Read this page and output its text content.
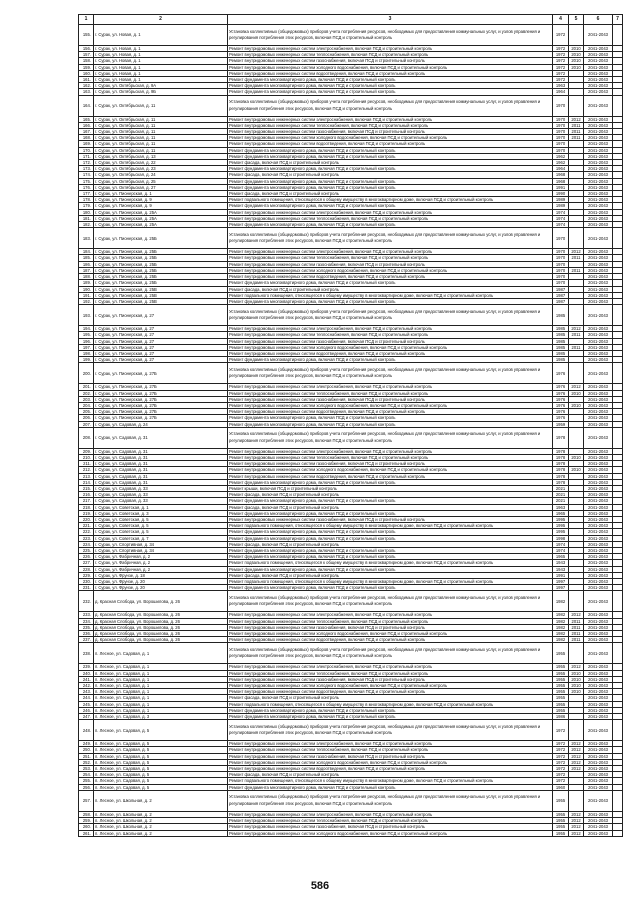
1	2	3	4	5	6	7
155.	г. Сурак, ул. Новая, д. 1	Установка коллективных (общедомовых) приборов учета потребления ресурсов, необходимых для предоставления коммунальных услуг, и узлов управления и регулирования потребления этих ресурсов, включая ПСД и строительный контроль	1972		2041-2043	
156.	г. Сурак, ул. Новая, д. 1	Ремонт внутридомовых инженерных систем электроснабжения, включая ПСД и строительный контроль	1972	2010	2041-2043	
157.	г. Сурак, ул. Новая, д. 1	Ремонт внутридомовых инженерных систем теплоснабжения, включая ПСД и строительный контроль	1972	2010	2041-2043	
158.	г. Сурак, ул. Новая, д. 1	Ремонт внутридомовых инженерных систем газоснабжения, включая ПСД и строительный контроль	1972	2010	2041-2043	
159.	г. Сурак, ул. Новая, д. 1	Ремонт внутридомовых инженерных систем холодного водоснабжения, включая ПСД и строительный контроль	1972	2010	2041-2043	
160.	г. Сурак, ул. Новая, д. 1	Ремонт внутридомовых инженерных систем водоотведения, включая ПСД и строительный контроль	1972		2041-2043	
161.	г. Сурак, ул. Новая, д. 1	Ремонт фундамента многоквартирного дома, включая ПСД и строительный контроль	1972		2041-2043	
162.	г. Сурак, ул. Октябрьская, д. 9А	Ремонт фундамента многоквартирного дома, включая ПСД и строительный контроль	1963		2041-2043	
163.	г. Сурак, ул. Октябрьская, д. 9Б	Ремонт фундамента многоквартирного дома, включая ПСД и строительный контроль	1964		2041-2043	
164.	г. Сурак, ул. Октябрьская, д. 11	Установка коллективных (общедомовых) приборов учета потребления ресурсов, необходимых для предоставления коммунальных услуг, и узлов управления и регулирования потребления этих ресурсов, включая ПСД и строительный контроль	1970		2041-2043	
165.	г. Сурак, ул. Октябрьская, д. 11	Ремонт внутридомовых инженерных систем электроснабжения, включая ПСД и строительный контроль	1970	2012	2041-2043	
166.	г. Сурак, ул. Октябрьская, д. 11	Ремонт внутридомовых инженерных систем теплоснабжения, включая ПСД и строительный контроль	1970	2011	2041-2043	
167.	г. Сурак, ул. Октябрьская, д. 11	Ремонт внутридомовых инженерных систем газоснабжения, включая ПСД и строительный контроль	1970	2011	2041-2043	
168.	г. Сурак, ул. Октябрьская, д. 11	Ремонт внутридомовых инженерных систем холодного водоснабжения, включая ПСД и строительный контроль	1970	2011	2041-2043	
169.	г. Сурак, ул. Октябрьская, д. 11	Ремонт внутридомовых инженерных систем водоотведения, включая ПСД и строительный контроль	1970		2041-2043	
170.	г. Сурак, ул. Октябрьская, д. 11	Ремонт фундамента многоквартирного дома, включая ПСД и строительный контроль	1970		2041-2043	
171.	г. Сурак, ул. Октябрьская, д. 13	Ремонт фундамента многоквартирного дома, включая ПСД и строительный контроль	1962		2041-2043	
172.	г. Сурак, ул. Октябрьская, д. 22	Ремонт фасада, включая ПСД и строительный контроль	1962		2041-2043	
173.	г. Сурак, ул. Октябрьская, д. 23	Ремонт фундамента многоквартирного дома, включая ПСД и строительный контроль	1964		2041-2043	
174.	г. Сурак, ул. Октябрьская, д. 24	Ремонт фасада, включая ПСД и строительный контроль	1968		2041-2043	
175.	г. Сурак, ул. Октябрьская, д. 25	Ремонт фундамента многоквартирного дома, включая ПСД и строительный контроль	1968		2041-2043	
176.	г. Сурак, ул. Октябрьская, д. 27	Ремонт фундамента многоквартирного дома, включая ПСД и строительный контроль	1991		2041-2043	
177.	г. Сурак, ул. Пионерская, д. 1	Ремонт фасада, включая ПСД и строительный контроль	1990		2041-2043	
178.	г. Сурак, ул. Пионерская, д. 9	Ремонт подвального помещения, относящегося к общему имуществу в многоквартирном доме, включая ПСД и строительный контроль	1989		2041-2043	
179.	г. Сурак, ул. Пионерская, д. 9	Ремонт фундамента многоквартирного дома, включая ПСД и строительный контроль	1989		2041-2043	
180.	г. Сурак, ул. Пионерская, д. 25А	Ремонт внутридомовых инженерных систем электроснабжения, включая ПСД и строительный контроль	1974		2041-2043	
181.	г. Сурак, ул. Пионерская, д. 25А	Ремонт внутридомовых инженерных систем теплоснабжения, включая ПСД и строительный контроль	1974		2041-2043	
182.	г. Сурак, ул. Пионерская, д. 25А	Ремонт фундамента многоквартирного дома, включая ПСД и строительный контроль	1974		2041-2043	
183.	г. Сурак, ул. Пионерская, д. 25Б	Установка коллективных (общедомовых) приборов учета потребления ресурсов, необходимых для предоставления коммунальных услуг, и узлов управления и регулирования потребления этих ресурсов, включая ПСД и строительный контроль	1970		2041-2043	
184.	г. Сурак, ул. Пионерская, д. 25Б	Ремонт внутридомовых инженерных систем электроснабжения, включая ПСД и строительный контроль	1970	2012	2041-2043	
185.	г. Сурак, ул. Пионерская, д. 25Б	Ремонт внутридомовых инженерных систем теплоснабжения, включая ПСД и строительный контроль	1970	2011	2041-2043	
186.	г. Сурак, ул. Пионерская, д. 25Б	Ремонт внутридомовых инженерных систем газоснабжения, включая ПСД и строительный контроль	1970		2041-2043	
187.	г. Сурак, ул. Пионерская, д. 25Б	Ремонт внутридомовых инженерных систем холодного водоснабжения, включая ПСД и строительный контроль	1970	2011	2041-2043	
188.	г. Сурак, ул. Пионерская, д. 25Б	Ремонт внутридомовых инженерных систем водоотведения, включая ПСД и строительный контроль	1970		2041-2043	
189.	г. Сурак, ул. Пионерская, д. 25Б	Ремонт фундамента многоквартирного дома, включая ПСД и строительный контроль	1970		2041-2043	
190.	г. Сурак, ул. Пионерская, д. 25В	Ремонт фасада, включая ПСД и строительный контроль	1987		2041-2043	
191.	г. Сурак, ул. Пионерская, д. 25В	Ремонт подвального помещения, относящегося к общему имуществу в многоквартирном доме, включая ПСД и строительный контроль	1987		2041-2043	
192.	г. Сурак, ул. Пионерская, д. 25В	Ремонт фундамента многоквартирного дома, включая ПСД и строительный контроль	1987		2041-2043	
193.	г. Сурак, ул. Пионерская, д. 27	Установка коллективных (общедомовых) приборов учета потребления ресурсов, необходимых для предоставления коммунальных услуг, и узлов управления и регулирования потребления этих ресурсов, включая ПСД и строительный контроль	1985		2041-2043	
194.	г. Сурак, ул. Пионерская, д. 27	Ремонт внутридомовых инженерных систем электроснабжения, включая ПСД и строительный контроль	1985	2012	2041-2043	
195.	г. Сурак, ул. Пионерская, д. 27	Ремонт внутридомовых инженерных систем теплоснабжения, включая ПСД и строительный контроль	1985	2011	2041-2043	
196.	г. Сурак, ул. Пионерская, д. 27	Ремонт внутридомовых инженерных систем газоснабжения, включая ПСД и строительный контроль	1985		2041-2043	
197.	г. Сурак, ул. Пионерская, д. 27	Ремонт внутридомовых инженерных систем холодного водоснабжения, включая ПСД и строительный контроль	1985	2011	2041-2043	
198.	г. Сурак, ул. Пионерская, д. 27	Ремонт внутридомовых инженерных систем водоотведения, включая ПСД и строительный контроль	1985		2041-2043	
199.	г. Сурак, ул. Пионерская, д. 27	Ремонт фундамента многоквартирного дома, включая ПСД и строительный контроль	1985		2041-2043	
200.	г. Сурак, ул. Пионерская, д. 27Б	Установка коллективных (общедомовых) приборов учета потребления ресурсов, необходимых для предоставления коммунальных услуг, и узлов управления и регулирования потребления этих ресурсов, включая ПСД и строительный контроль	1976		2041-2043	
201.	г. Сурак, ул. Пионерская, д. 27Б	Ремонт внутридомовых инженерных систем электроснабжения, включая ПСД и строительный контроль	1976	2012	2041-2043	
202.	г. Сурак, ул. Пионерская, д. 27Б	Ремонт внутридомовых инженерных систем теплоснабжения, включая ПСД и строительный контроль	1976	2010	2041-2043	
203.	г. Сурак, ул. Пионерская, д. 27Б	Ремонт внутридомовых инженерных систем газоснабжения, включая ПСД и строительный контроль	1976		2041-2043	
204.	г. Сурак, ул. Пионерская, д. 27Б	Ремонт внутридомовых инженерных систем холодного водоснабжения, включая ПСД и строительный контроль	1976	2010	2041-2043	
205.	г. Сурак, ул. Пионерская, д. 27Б	Ремонт внутридомовых инженерных систем водоотведения, включая ПСД и строительный контроль	1976		2041-2043	
206.	г. Сурак, ул. Пионерская, д. 27Б	Ремонт фундамента многоквартирного дома, включая ПСД и строительный контроль	1976		2041-2043	
207.	г. Сурак, ул. Садовая, д. 24	Ремонт фундамента многоквартирного дома, включая ПСД и строительный контроль	1959		2041-2043	
208.	г. Сурак, ул. Садовая, д. 31	Установка коллективных (общедомовых) приборов учета потребления ресурсов, необходимых для предоставления коммунальных услуг, и узлов управления и регулирования потребления этих ресурсов, включая ПСД и строительный контроль	1978		2041-2043	
209.	г. Сурак, ул. Садовая, д. 31	Ремонт внутридомовых инженерных систем электроснабжения, включая ПСД и строительный контроль	1978		2041-2043	
210.	г. Сурак, ул. Садовая, д. 31	Ремонт внутридомовых инженерных систем теплоснабжения, включая ПСД и строительный контроль	1978	2010	2041-2043	
211.	г. Сурак, ул. Садовая, д. 31	Ремонт внутридомовых инженерных систем газоснабжения, включая ПСД и строительный контроль	1978		2041-2043	
212.	г. Сурак, ул. Садовая, д. 31	Ремонт внутридомовых инженерных систем холодного водоснабжения, включая ПСД и строительный контроль	1978	2010	2041-2043	
213.	г. Сурак, ул. Садовая, д. 31	Ремонт внутридомовых инженерных систем водоотведения, включая ПСД и строительный контроль	1978		2041-2043	
214.	г. Сурак, ул. Садовая, д. 31	Ремонт фундамента многоквартирного дома, включая ПСД и строительный контроль	1978		2041-2043	
215.	г. Сурак, ул. Садовая, д. 33	Ремонт крыши, включая ПСД и строительный контроль	2021		2041-2043	
216.	г. Сурак, ул. Садовая, д. 33	Ремонт фасада, включая ПСД и строительный контроль	2021		2041-2043	
217.	г. Сурак, ул. Садовая, д. 33	Ремонт фундамента многоквартирного дома, включая ПСД и строительный контроль	2021		2041-2043	
218.	г. Сурак, ул. Советская, д. 1	Ремонт фасада, включая ПСД и строительный контроль	1963		2041-2043	
219.	г. Сурак, ул. Советская, д. 3	Ремонт фундамента многоквартирного дома, включая ПСД и строительный контроль	1965		2041-2043	
220.	г. Сурак, ул. Советская, д. 5	Ремонт внутридомовых инженерных систем газоснабжения, включая ПСД и строительный контроль	1995		2041-2043	
221.	г. Сурак, ул. Советская, д. 5	Ремонт подвального помещения, относящегося к общему имуществу в многоквартирном доме, включая ПСД и строительный контроль	1995		2041-2043	
222.	г. Сурак, ул. Советская, д. 5	Ремонт фундамента многоквартирного дома, включая ПСД и строительный контроль	1995		2041-2043	
223.	г. Сурак, ул. Советская, д. 7	Ремонт фундамента многоквартирного дома, включая ПСД и строительный контроль	1998		2041-2043	
224.	г. Сурак, ул. Спортивная, д. 34	Ремонт фасада, включая ПСД и строительный контроль	1974		2041-2043	
225.	г. Сурак, ул. Спортивная, д. 34	Ремонт фундамента многоквартирного дома, включая ПСД и строительный контроль	1974		2041-2043	
226.	г. Сурак, ул. Фабричная, д. 2	Ремонт фундамента многоквартирного дома, включая ПСД и строительный контроль	1965		2041-2043	
227.	г. Сурак, ул. Фабричная, д. 2	Ремонт подвального помещения, относящегося к общему имуществу в многоквартирном доме, включая ПСД и строительный контроль	1943		2041-2043	
228.	г. Сурак, ул. Фабричная, д. 2	Ремонт фундамента многоквартирного дома, включая ПСД и строительный контроль	1943		2041-2043	
229.	г. Сурак, ул. Фрунзе, д. 18	Ремонт фасада, включая ПСД и строительный контроль	1991		2041-2043	
230.	г. Сурак, ул. Фрунзе, д. 20	Ремонт подвального помещения, относящегося к общему имуществу в многоквартирном доме, включая ПСД и строительный контроль	1997		2041-2043	
231.	г. Сурак, ул. Фрунзе, д. 20	Ремонт фундамента многоквартирного дома, включая ПСД и строительный контроль	1997		2041-2043	
232.	д. Красная Слобода, ул. Ворошилова, д. 26	Установка коллективных (общедомовых) приборов учета потребления ресурсов, необходимых для предоставления коммунальных услуг, и узлов управления и регулирования потребления этих ресурсов, включая ПСД и строительный контроль	1982		2041-2043	
233.	д. Красная Слобода, ул. Ворошилова, д. 26	Ремонт внутридомовых инженерных систем электроснабжения, включая ПСД и строительный контроль	1982	2012	2041-2043	
234.	д. Красная Слобода, ул. Ворошилова, д. 26	Ремонт внутридомовых инженерных систем теплоснабжения, включая ПСД и строительный контроль	1982	2011	2041-2043	
235.	д. Красная Слобода, ул. Ворошилова, д. 26	Ремонт внутридомовых инженерных систем газоснабжения, включая ПСД и строительный контроль	1982	2011	2041-2043	
236.	д. Красная Слобода, ул. Ворошилова, д. 26	Ремонт внутридомовых инженерных систем холодного водоснабжения, включая ПСД и строительный контроль	1982	2011	2041-2043	
237.	д. Красная Слобода, ул. Ворошилова, д. 26	Ремонт внутридомовых инженерных систем водоотведения, включая ПСД и строительный контроль	1982	2011	2041-2043	
238.	п. Лесное, ул. Садовая, д. 1	Установка коллективных (общедомовых) приборов учета потребления ресурсов, необходимых для предоставления коммунальных услуг, и узлов управления и регулирования потребления этих ресурсов, включая ПСД и строительный контроль	1955		2041-2043	
239.	п. Лесное, ул. Садовая, д. 1	Ремонт внутридомовых инженерных систем электроснабжения, включая ПСД и строительный контроль	1955	2012	2041-2043	
240.	п. Лесное, ул. Садовая, д. 1	Ремонт внутридомовых инженерных систем теплоснабжения, включая ПСД и строительный контроль	1955	2010	2041-2043	
241.	п. Лесное, ул. Садовая, д. 1	Ремонт внутридомовых инженерных систем газоснабжения, включая ПСД и строительный контроль	1955	2010	2041-2043	
242.	п. Лесное, ул. Садовая, д. 1	Ремонт внутридомовых инженерных систем холодного водоснабжения, включая ПСД и строительный контроль	1955	2010	2041-2043	
243.	п. Лесное, ул. Садовая, д. 1	Ремонт внутридомовых инженерных систем водоотведения, включая ПСД и строительный контроль	1955	2010	2041-2043	
244.	п. Лесное, ул. Садовая, д. 1	Ремонт фасада, включая ПСД и строительный контроль	1955		2041-2043	
245.	п. Лесное, ул. Садовая, д. 1	Ремонт подвального помещения, относящегося к общему имуществу в многоквартирном доме, включая ПСД и строительный контроль	1955		2041-2043	
246.	п. Лесное, ул. Садовая, д. 1	Ремонт фундамента многоквартирного дома, включая ПСД и строительный контроль	1955		2041-2043	
247.	п. Лесное, ул. Садовая, д. 3	Ремонт фундамента многоквартирного дома, включая ПСД и строительный контроль	1986		2041-2043	
248.	п. Лесное, ул. Садовая, д. 5	Установка коллективных (общедомовых) приборов учета потребления ресурсов, необходимых для предоставления коммунальных услуг, и узлов управления и регулирования потребления этих ресурсов, включая ПСД и строительный контроль	1972		2041-2043	
249.	п. Лесное, ул. Садовая, д. 5	Ремонт внутридомовых инженерных систем электроснабжения, включая ПСД и строительный контроль	1972	2012	2041-2043	
250.	п. Лесное, ул. Садовая, д. 5	Ремонт внутридомовых инженерных систем теплоснабжения, включая ПСД и строительный контроль	1972	2012	2041-2043	
251.	п. Лесное, ул. Садовая, д. 5	Ремонт внутридомовых инженерных систем газоснабжения, включая ПСД и строительный контроль	1972	2012	2041-2043	
252.	п. Лесное, ул. Садовая, д. 5	Ремонт внутридомовых инженерных систем холодного водоснабжения, включая ПСД и строительный контроль	1972	2012	2041-2043	
253.	п. Лесное, ул. Садовая, д. 5	Ремонт внутридомовых инженерных систем водоотведения, включая ПСД и строительный контроль	1972	2012	2041-2043	
254.	п. Лесное, ул. Садовая, д. 5	Ремонт фасада, включая ПСД и строительный контроль	1972		2041-2043	
255.	п. Лесное, ул. Садовая, д. 5	Ремонт подвального помещения, относящегося к общему имуществу в многоквартирном доме, включая ПСД и строительный контроль	1972		2041-2043	
256.	п. Лесное, ул. Садовая, д. 5	Ремонт фундамента многоквартирного дома, включая ПСД и строительный контроль	1960		2041-2043	
257.	п. Лесное, ул. Школьная, д. 2	Установка коллективных (общедомовых) приборов учета потребления ресурсов, необходимых для предоставления коммунальных услуг, и узлов управления и регулирования потребления этих ресурсов, включая ПСД и строительный контроль	1955		2041-2043	
258.	п. Лесное, ул. Школьная, д. 2	Ремонт внутридомовых инженерных систем электроснабжения, включая ПСД и строительный контроль	1955	2012	2041-2043	
259.	п. Лесное, ул. Школьная, д. 2	Ремонт внутридомовых инженерных систем теплоснабжения, включая ПСД и строительный контроль	1955	2012	2041-2043	
260.	п. Лесное, ул. Школьная, д. 2	Ремонт внутридомовых инженерных систем газоснабжения, включая ПСД и строительный контроль	1955	2012	2041-2043	
261.	п. Лесное, ул. Школьная, д. 2	Ремонт внутридомовых инженерных систем холодного водоснабжения, включая ПСД и строительный контроль	1955	2012	2041-2043	
586
